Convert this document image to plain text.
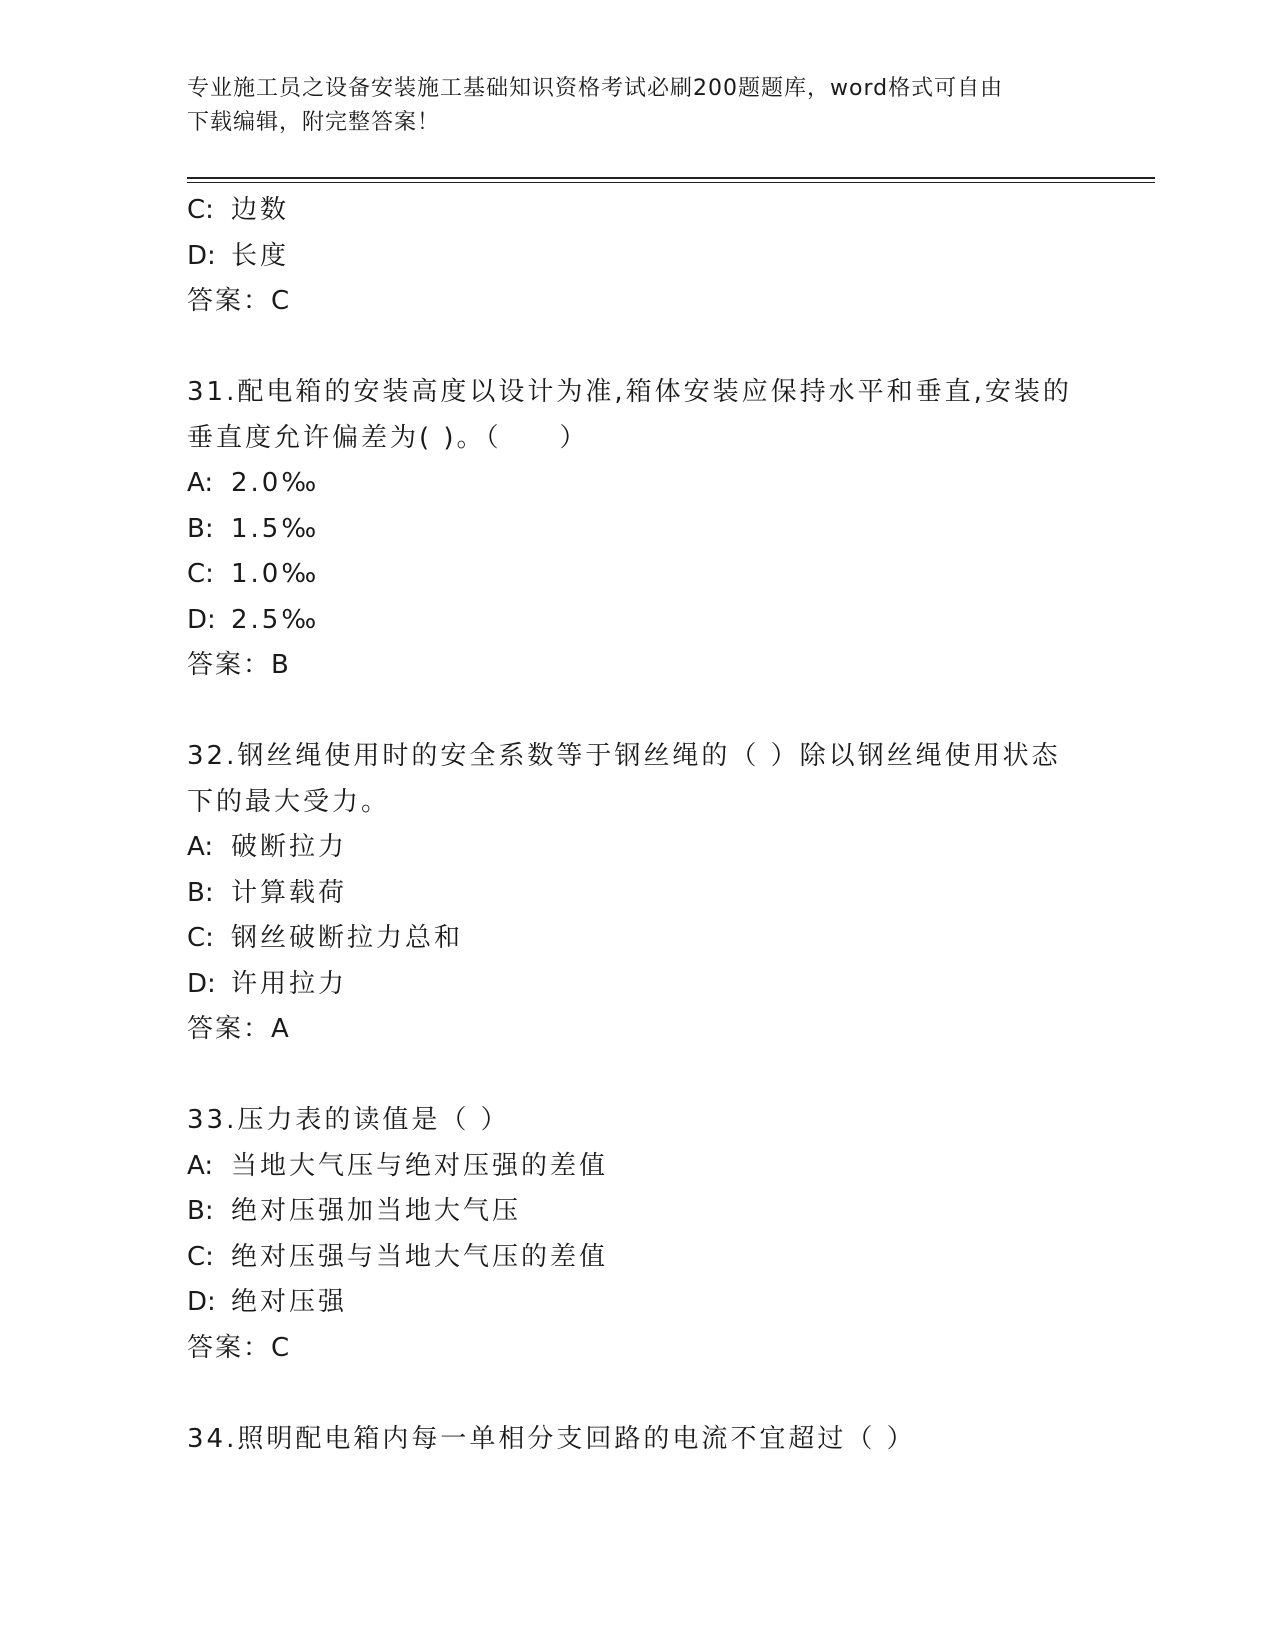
专业施工员之设备安装施工基础知识资格考试必刷200题题库，word格式可自由
下载编辑，附完整答案！
C: 边数
D: 长度
答案：C
31.配电箱的安装高度以设计为准,箱体安装应保持水平和垂直,安装的
垂直度允许偏差为( )。（　　）
A: 2.0‰
B: 1.5‰
C: 1.0‰
D: 2.5‰
答案：B
32.钢丝绳使用时的安全系数等于钢丝绳的（ ）除以钢丝绳使用状态
下的最大受力。
A: 破断拉力
B: 计算载荷
C: 钢丝破断拉力总和
D: 许用拉力
答案：A
33.压力表的读值是（ ）
A: 当地大气压与绝对压强的差值
B: 绝对压强加当地大气压
C: 绝对压强与当地大气压的差值
D: 绝对压强
答案：C
34.照明配电箱内每一单相分支回路的电流不宜超过（ ）
